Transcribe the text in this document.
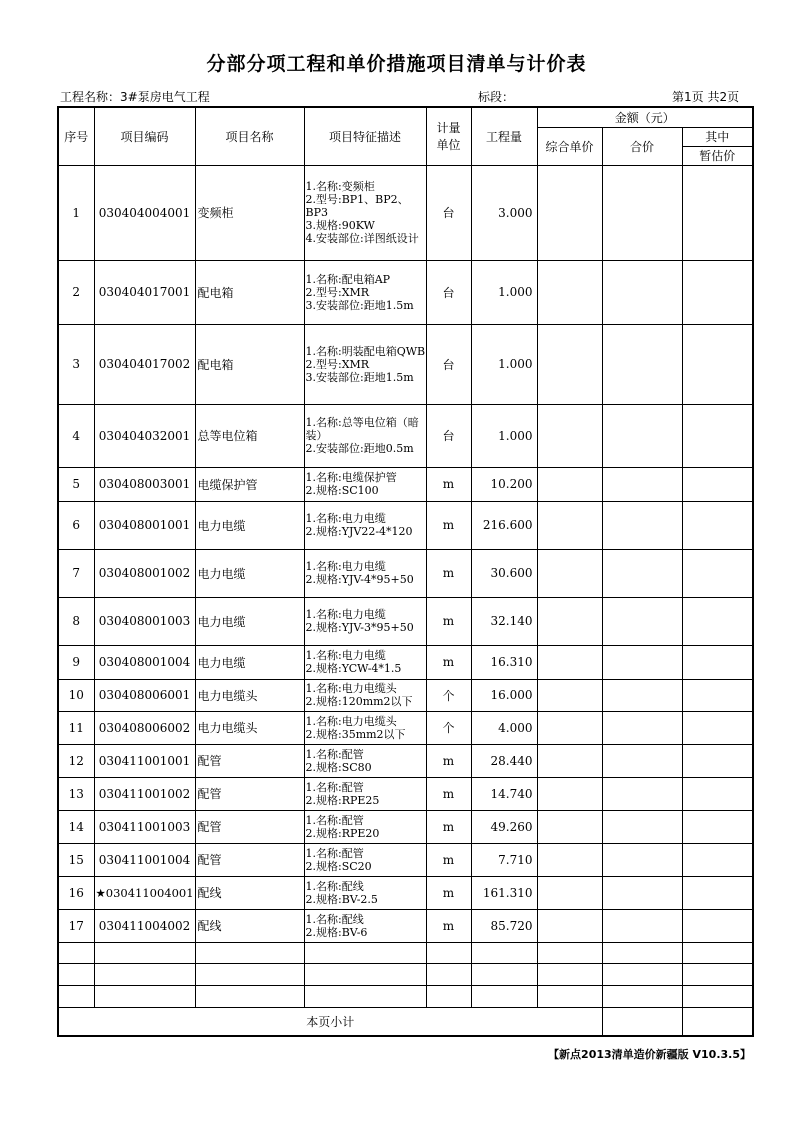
分部分项工程和单价措施项目清单与计价表
工程名称：3#泵房电气工程	标段：	第1页 共2页
序号	项目编码	项目名称	项目特征描述	计量单位	工程量	金额（元）		
						综合单价	合价	其中
								暂估价
1	030404004001	变频柜	1.名称:变频柜
2.型号:BP1、BP2、BP3
3.规格:90KW
4.安装部位:详图纸设计	台	3.000			
2	030404017001	配电箱	1.名称:配电箱AP
2.型号:XMR
3.安装部位:距地1.5m	台	1.000			
3	030404017002	配电箱	1.名称:明装配电箱QWB
2.型号:XMR
3.安装部位:距地1.5m	台	1.000			
4	030404032001	总等电位箱	1.名称:总等电位箱（暗装）
2.安装部位:距地0.5m	台	1.000			
5	030408003001	电缆保护管	1.名称:电缆保护管
2.规格:SC100	m	10.200			
6	030408001001	电力电缆	1.名称:电力电缆
2.规格:YJV22-4*120	m	216.600			
7	030408001002	电力电缆	1.名称:电力电缆
2.规格:YJV-4*95+50	m	30.600			
8	030408001003	电力电缆	1.名称:电力电缆
2.规格:YJV-3*95+50	m	32.140			
9	030408001004	电力电缆	1.名称:电力电缆
2.规格:YCW-4*1.5	m	16.310			
10	030408006001	电力电缆头	1.名称:电力电缆头
2.规格:120mm2以下	个	16.000			
11	030408006002	电力电缆头	1.名称:电力电缆头
2.规格:35mm2以下	个	4.000			
12	030411001001	配管	1.名称:配管
2.规格:SC80	m	28.440			
13	030411001002	配管	1.名称:配管
2.规格:RPE25	m	14.740			
14	030411001003	配管	1.名称:配管
2.规格:RPE20	m	49.260			
15	030411001004	配管	1.名称:配管
2.规格:SC20	m	7.710			
16	★030411004001	配线	1.名称:配线
2.规格:BV-2.5	m	161.310			
17	030411004002	配线	1.名称:配线
2.规格:BV-6	m	85.720			

本页小计								
【新点2013清单造价新疆版 V10.3.5】
